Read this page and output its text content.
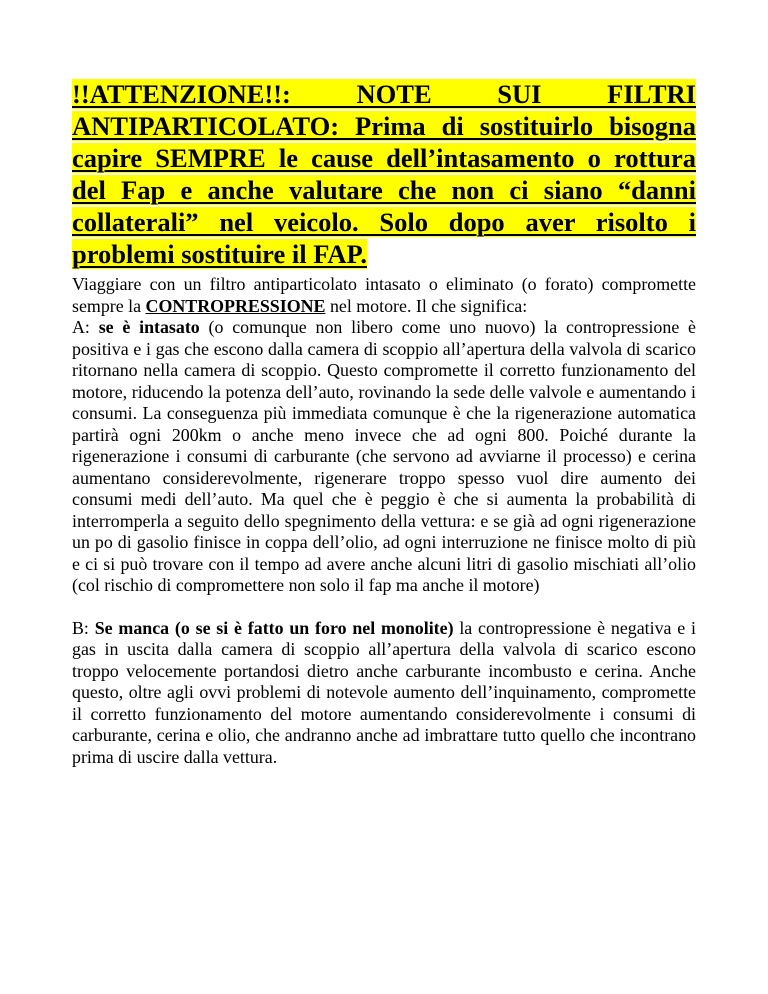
!!ATTENZIONE!!: NOTE SUI FILTRI ANTIPARTICOLATO: Prima di sostituirlo bisogna capire SEMPRE le cause dell’intasamento o rottura del Fap e anche valutare che non ci siano “danni collaterali” nel veicolo. Solo dopo aver risolto i problemi sostituire il FAP.

Viaggiare con un filtro antiparticolato intasato o eliminato (o forato) compromette sempre la CONTROPRESSIONE nel motore. Il che significa:

A: se è intasato (o comunque non libero come uno nuovo) la contropressione è positiva e i gas che escono dalla camera di scoppio all’apertura della valvola di scarico ritornano nella camera di scoppio. Questo compromette il corretto funzionamento del motore, riducendo la potenza dell’auto, rovinando la sede delle valvole e aumentando i consumi. La conseguenza più immediata comunque è che la rigenerazione automatica partirà ogni 200km o anche meno invece che ad ogni 800. Poiché durante la rigenerazione i consumi di carburante (che servono ad avviarne il processo) e cerina aumentano considerevolmente, rigenerare troppo spesso vuol dire aumento dei consumi medi dell’auto. Ma quel che è peggio è che si aumenta la probabilità di interromperla a seguito dello spegnimento della vettura: e se già ad ogni rigenerazione un po di gasolio finisce in coppa dell’olio, ad ogni interruzione ne finisce molto di più e ci si può trovare con il tempo ad avere anche alcuni litri di gasolio mischiati all’olio (col rischio di compromettere non solo il fap ma anche il motore)

B: Se manca (o se si è fatto un foro nel monolite) la contropressione è negativa e i gas in uscita dalla camera di scoppio all’apertura della valvola di scarico escono troppo velocemente portandosi dietro anche carburante incombusto e cerina. Anche questo, oltre agli ovvi problemi di notevole aumento dell’inquinamento, compromette il corretto funzionamento del motore aumentando considerevolmente i consumi di carburante, cerina e olio, che andranno anche ad imbrattare tutto quello che incontrano prima di uscire dalla vettura.
